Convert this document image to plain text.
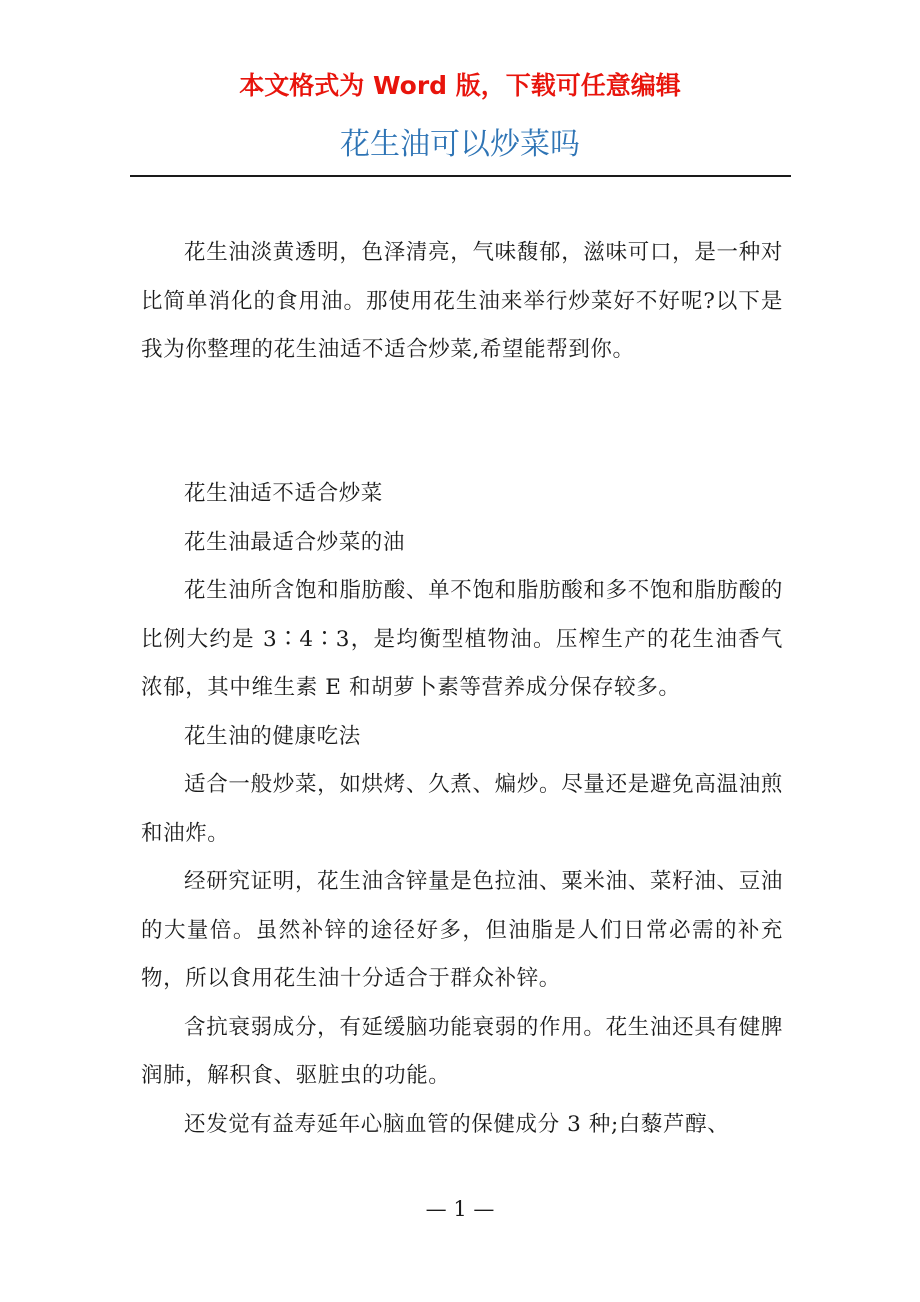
本文格式为 Word 版，下载可任意编辑
花生油可以炒菜吗

花生油淡黄透明，色泽清亮，气味馥郁，滋味可口，是一种对比简单消化的食用油。那使用花生油来举行炒菜好不好呢?以下是我为你整理的花生油适不适合炒菜,希望能帮到你。

花生油适不适合炒菜

花生油最适合炒菜的油

花生油所含饱和脂肪酸、单不饱和脂肪酸和多不饱和脂肪酸的比例大约是 3∶4∶3，是均衡型植物油。压榨生产的花生油香气浓郁，其中维生素 E 和胡萝卜素等营养成分保存较多。

花生油的健康吃法

适合一般炒菜，如烘烤、久煮、煸炒。尽量还是避免高温油煎和油炸。

经研究证明，花生油含锌量是色拉油、粟米油、菜籽油、豆油的大量倍。虽然补锌的途径好多，但油脂是人们日常必需的补充物，所以食用花生油十分适合于群众补锌。

含抗衰弱成分，有延缓脑功能衰弱的作用。花生油还具有健脾润肺，解积食、驱脏虫的功能。

还发觉有益寿延年心脑血管的保健成分 3 种;白藜芦醇、

— 1 —
